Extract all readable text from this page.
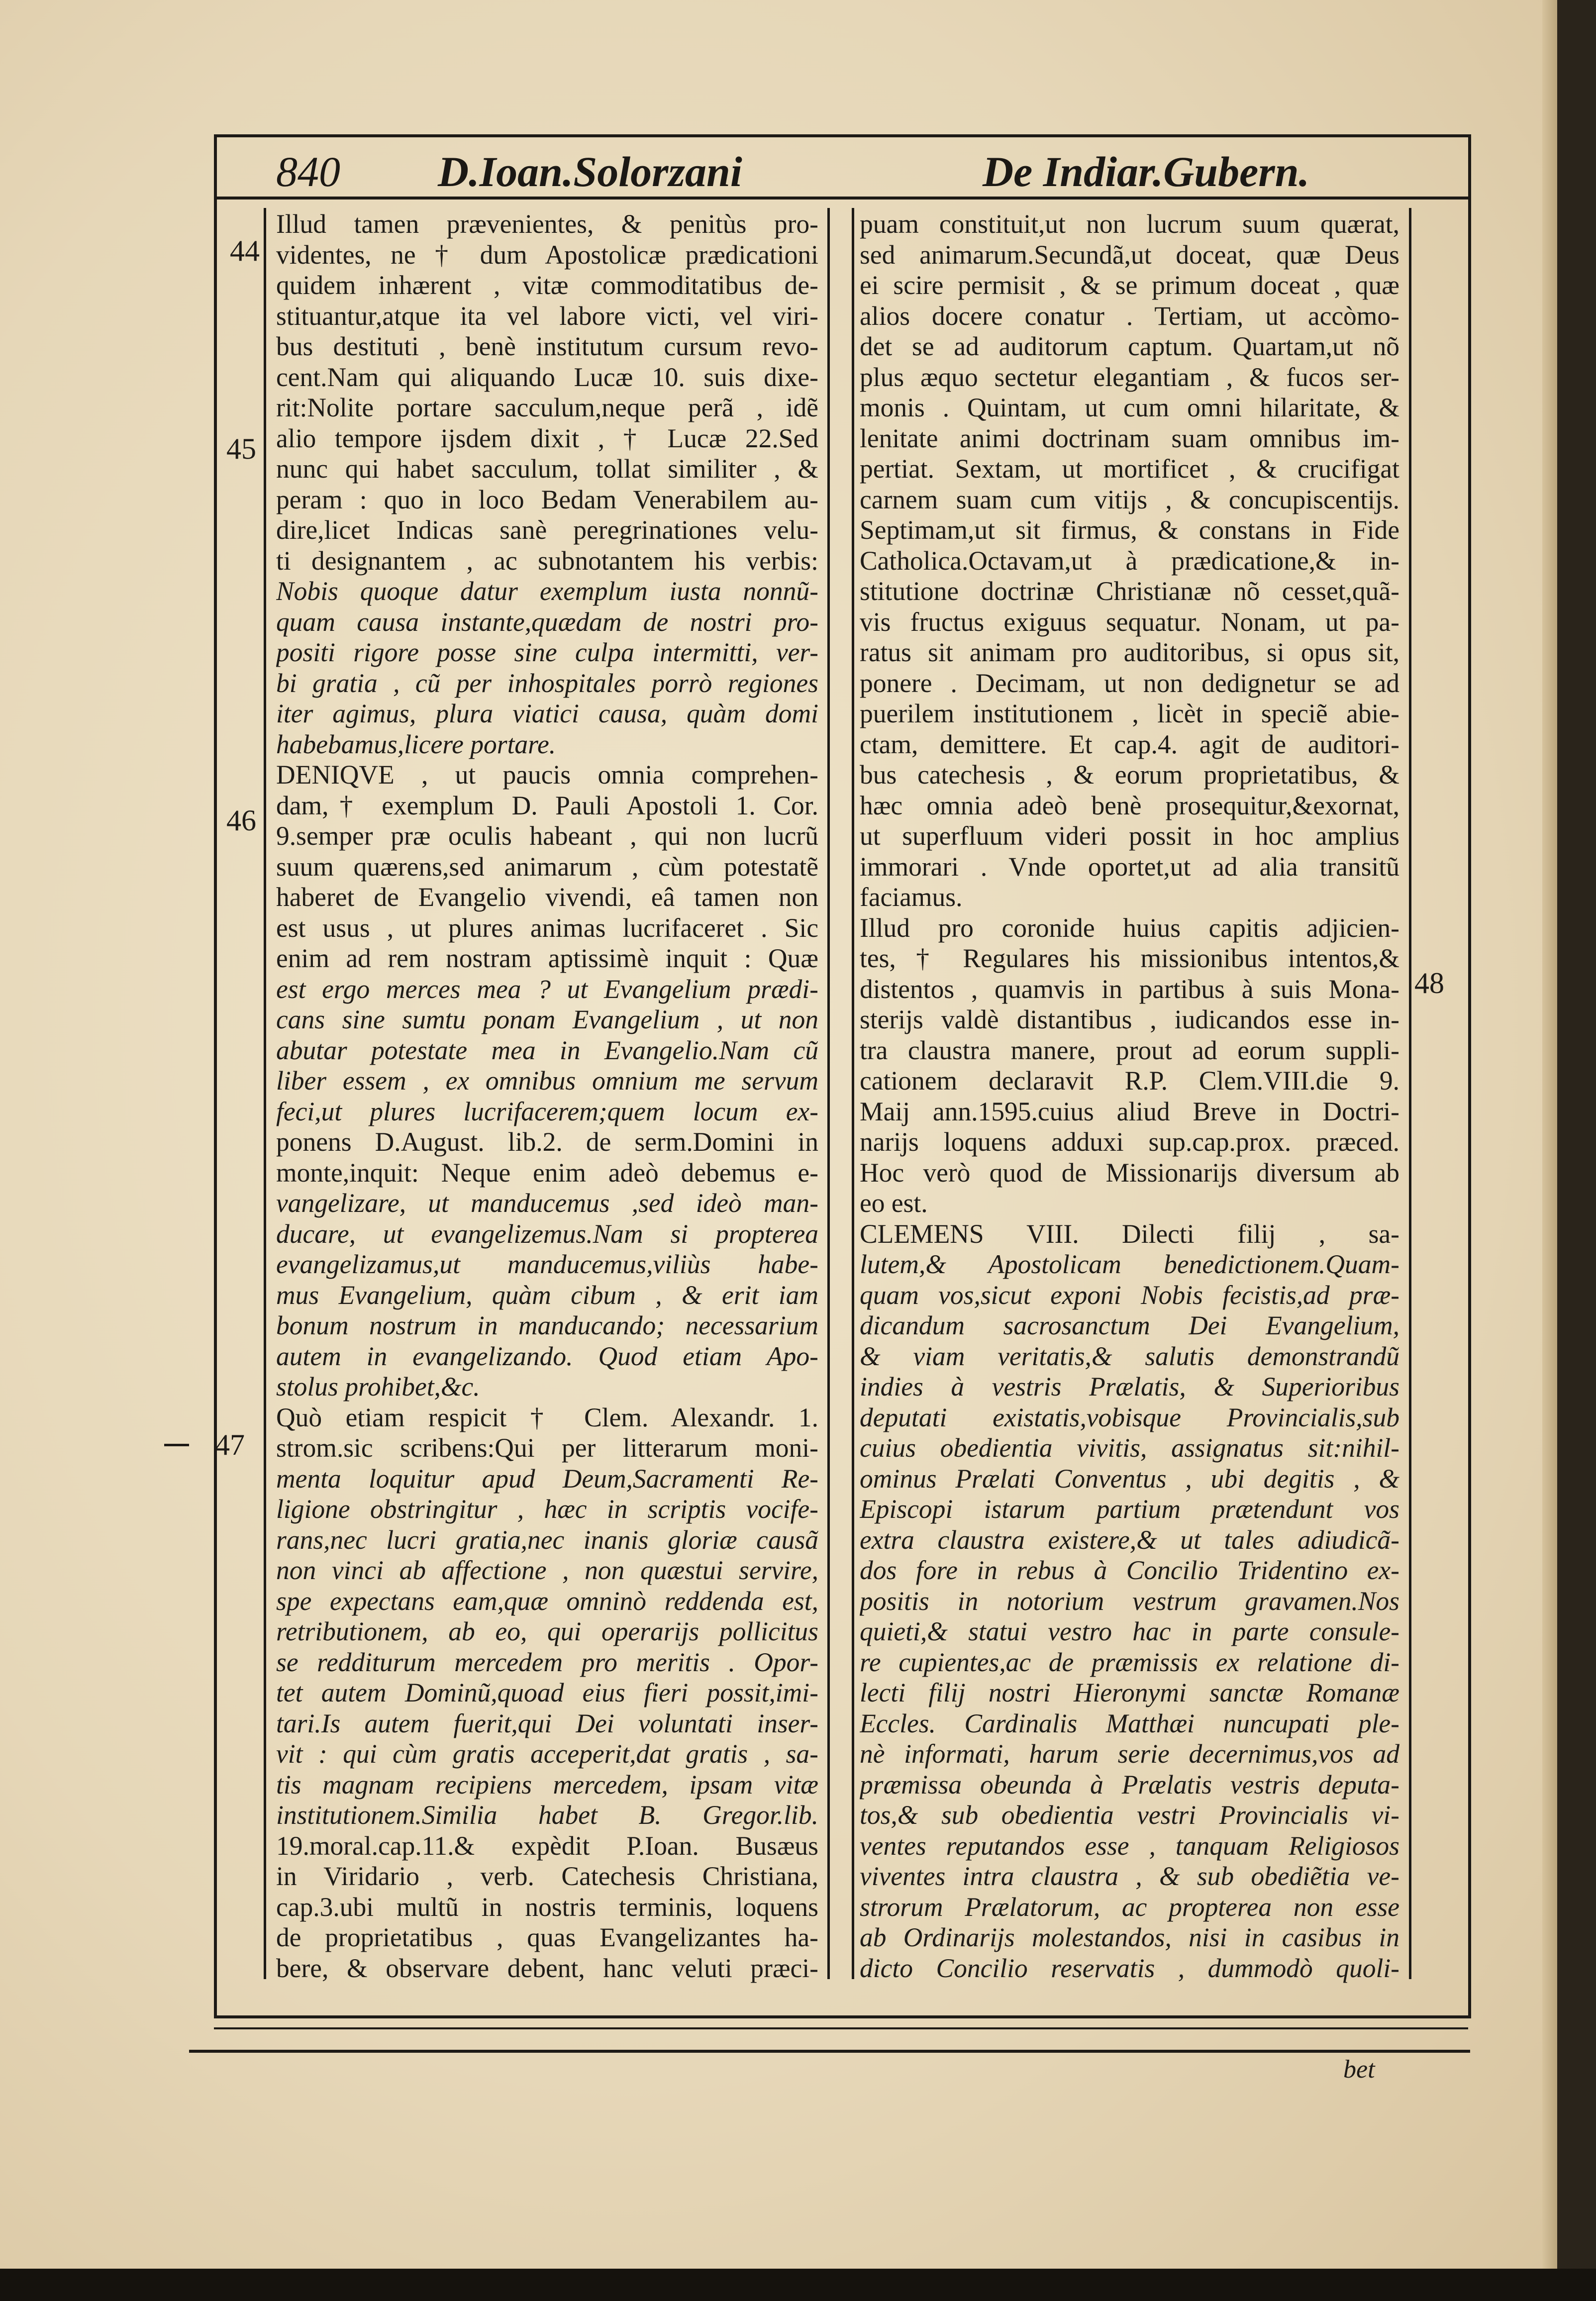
840 D.Ioan.Solorzani	De Indiar.Gubern.
44
45
46
47
48
Illud tamen prævenientes, & penitùs pro-
videntes, ne † dum Apostolicæ prædicationi
quidem inhærent , vitæ commoditatibus de-
stituantur,atque ita vel labore victi, vel viri-
bus destituti , benè institutum cursum revo-
cent.Nam qui aliquando Lucæ 10. suis dixe-
rit:Nolite portare sacculum,neque perã , idẽ
alio tempore ijsdem dixit , † Lucæ 22.Sed
nunc qui habet sacculum, tollat similiter , &
peram : quo in loco Bedam Venerabilem au-
dire,licet Indicas sanè peregrinationes velu-
ti designantem , ac subnotantem his verbis:
Nobis quoque datur exemplum iusta nonnũ-
quam causa instante,quædam de nostri pro-
positi rigore posse sine culpa intermitti, ver-
bi gratia , cũ per inhospitales porrò regiones
iter agimus, plura viatici causa, quàm domi
habebamus,licere portare.
DENIQVE , ut paucis omnia comprehen-
dam,† exemplum D. Pauli Apostoli 1. Cor.
9.semper præ oculis habeant , qui non lucrũ
suum quærens,sed animarum , cùm potestatẽ
haberet de Evangelio vivendi, eâ tamen non
est usus , ut plures animas lucrifaceret . Sic
enim ad rem nostram aptissimè inquit : Quæ
est ergo merces mea ? ut Evangelium prædi-
cans sine sumtu ponam Evangelium , ut non
abutar potestate mea in Evangelio.Nam cũ
liber essem , ex omnibus omnium me servum
feci,ut plures lucrifacerem;quem locum ex-
ponens D.August. lib.2. de serm.Domini in
monte,inquit: Neque enim adeò debemus e-
vangelizare, ut manducemus ,sed ideò man-
ducare, ut evangelizemus.Nam si propterea
evangelizamus,ut manducemus,viliùs habe-
mus Evangelium, quàm cibum , & erit iam
bonum nostrum in manducando; necessarium
autem in evangelizando. Quod etiam Apo-
stolus prohibet,&c.
Quò etiam respicit † Clem. Alexandr. 1.
strom.sic scribens:Qui per litterarum moni-
menta loquitur apud Deum,Sacramenti Re-
ligione obstringitur , hæc in scriptis vocife-
rans,nec lucri gratia,nec inanis gloriæ causã
non vinci ab affectione , non quæstui servire,
spe expectans eam,quæ omninò reddenda est,
retributionem, ab eo, qui operarijs pollicitus
se redditurum mercedem pro meritis . Opor-
tet autem Dominũ,quoad eius fieri possit,imi-
tari.Is autem fuerit,qui Dei voluntati inser-
vit : qui cùm gratis acceperit,dat gratis , sa-
tis magnam recipiens mercedem, ipsam vitæ
institutionem.Similia habet B. Gregor.lib.
19.moral.cap.11.& expèdit P.Ioan. Busæus
in Viridario , verb. Catechesis Christiana,
cap.3.ubi multũ in nostris terminis, loquens
de proprietatibus , quas Evangelizantes ha-
bere, & observare debent, hanc veluti præci-
puam constituit,ut non lucrum suum quærat,
sed animarum.Secundã,ut doceat, quæ Deus
ei scire permisit , & se primum doceat , quæ
alios docere conatur . Tertiam, ut accòmo-
det se ad auditorum captum. Quartam,ut nõ
plus æquo sectetur elegantiam , & fucos ser-
monis . Quintam, ut cum omni hilaritate, &
lenitate animi doctrinam suam omnibus im-
pertiat. Sextam, ut mortificet , & crucifigat
carnem suam cum vitijs , & concupiscentijs.
Septimam,ut sit firmus, & constans in Fide
Catholica.Octavam,ut à prædicatione,& in-
stitutione doctrinæ Christianæ nõ cesset,quã-
vis fructus exiguus sequatur. Nonam, ut pa-
ratus sit animam pro auditoribus, si opus sit,
ponere . Decimam, ut non dedignetur se ad
puerilem institutionem , licèt in speciẽ abie-
ctam, demittere. Et cap.4. agit de auditori-
bus catechesis , & eorum proprietatibus, &
hæc omnia adeò benè prosequitur,&exornat,
ut superfluum videri possit in hoc amplius
immorari . Vnde oportet,ut ad alia transitũ
faciamus.
Illud pro coronide huius capitis adjicien-
tes, † Regulares his missionibus intentos,&
distentos , quamvis in partibus à suis Mona-
sterijs valdè distantibus , iudicandos esse in-
tra claustra manere, prout ad eorum suppli-
cationem declaravit R.P. Clem.VIII.die 9.
Maij ann.1595.cuius aliud Breve in Doctri-
narijs loquens adduxi sup.cap.prox. præced.
Hoc verò quod de Missionarijs diversum ab
eo est.
CLEMENS VIII. Dilecti filij , sa-
lutem,& Apostolicam benedictionem.Quam-
quam vos,sicut exponi Nobis fecistis,ad præ-
dicandum sacrosanctum Dei Evangelium,
& viam veritatis,& salutis demonstrandũ
indies à vestris Prælatis, & Superioribus
deputati existatis,vobisque Provincialis,sub
cuius obedientia vivitis, assignatus sit:nihil-
ominus Prælati Conventus , ubi degitis , &
Episcopi istarum partium prætendunt vos
extra claustra existere,& ut tales adiudicã-
dos fore in rebus à Concilio Tridentino ex-
positis in notorium vestrum gravamen.Nos
quieti,& statui vestro hac in parte consule-
re cupientes,ac de præmissis ex relatione di-
lecti filij nostri Hieronymi sanctæ Romanæ
Eccles. Cardinalis Matthæi nuncupati ple-
nè informati, harum serie decernimus,vos ad
præmissa obeunda à Prælatis vestris deputa-
tos,& sub obedientia vestri Provincialis vi-
ventes reputandos esse , tanquam Religiosos
viventes intra claustra , & sub obediẽtia ve-
strorum Prælatorum, ac propterea non esse
ab Ordinarijs molestandos, nisi in casibus in
dicto Concilio reservatis , dummodò quoli-
bet
